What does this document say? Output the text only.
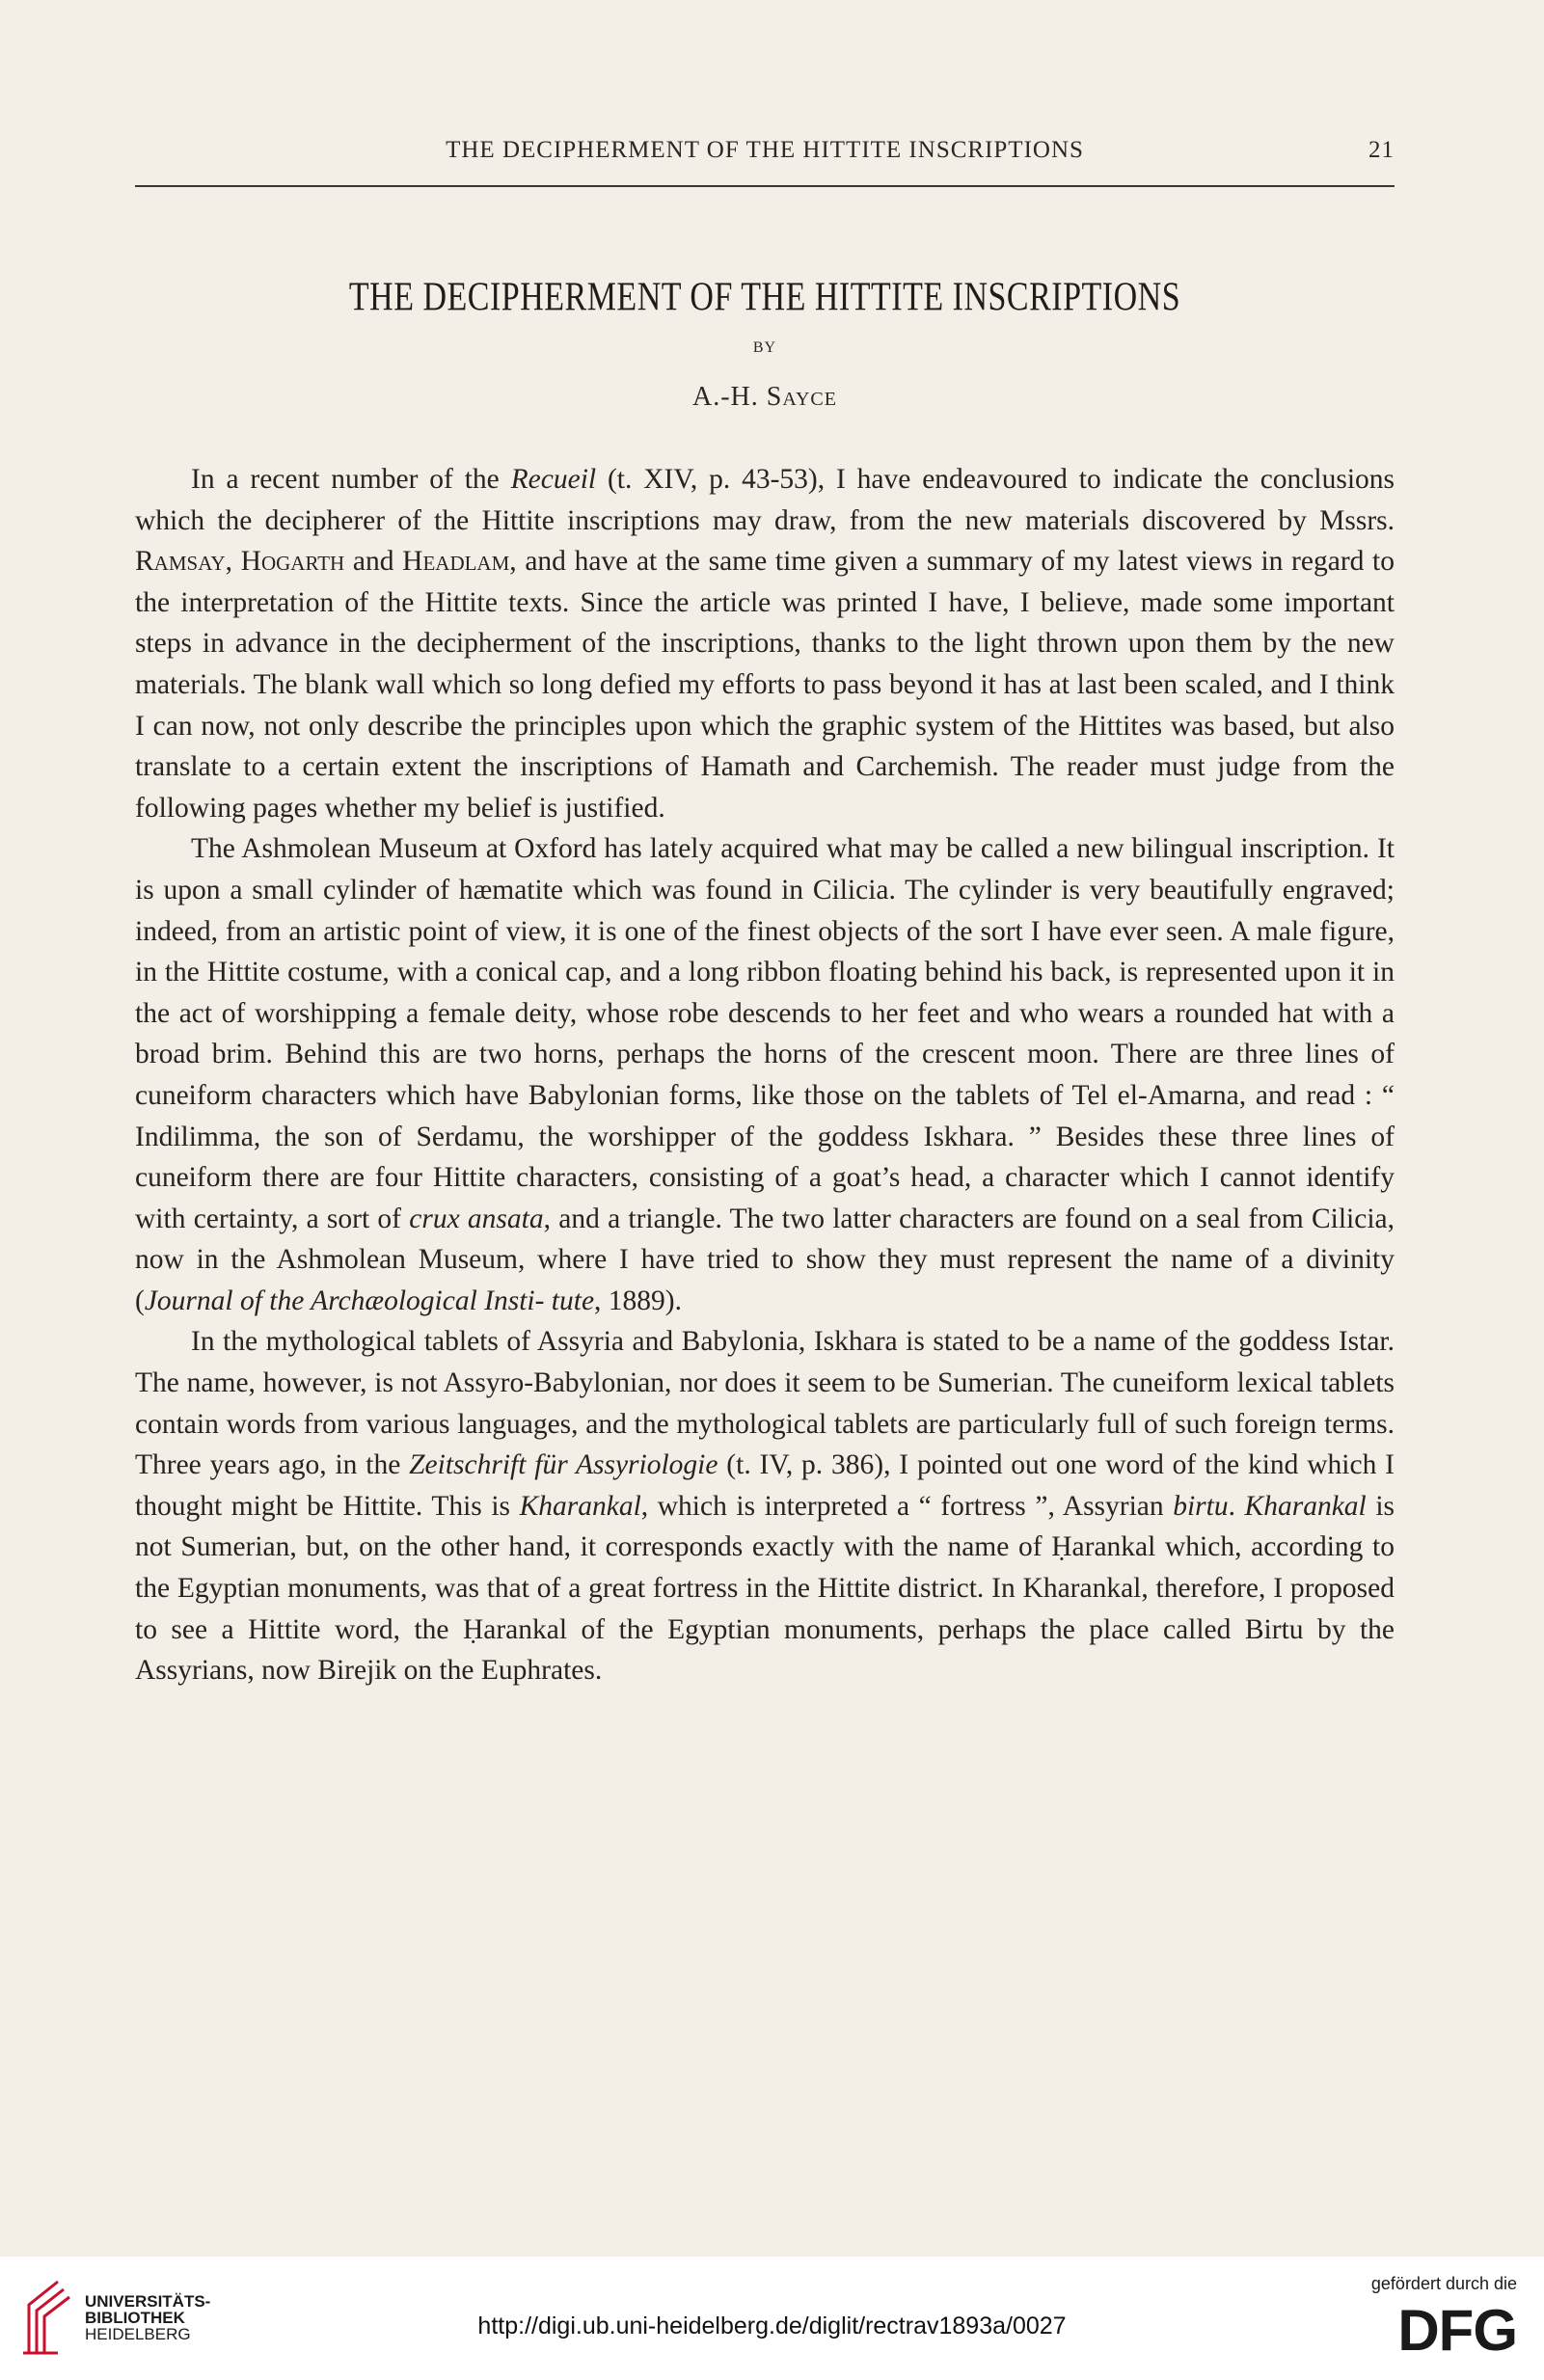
THE DECIPHERMENT OF THE HITTITE INSCRIPTIONS	21
THE DECIPHERMENT OF THE HITTITE INSCRIPTIONS
BY
A.-H. Sayce

In a recent number of the Recueil (t. XIV, p. 43-53), I have endeavoured to indicate the conclusions which the decipherer of the Hittite inscriptions may draw, from the new materials discovered by Mssrs. Ramsay, Hogarth and Headlam, and have at the same time given a summary of my latest views in regard to the interpretation of the Hittite texts. Since the article was printed I have, I believe, made some important steps in advance in the decipherment of the inscriptions, thanks to the light thrown upon them by the new materials. The blank wall which so long defied my efforts to pass beyond it has at last been scaled, and I think I can now, not only describe the principles upon which the graphic system of the Hittites was based, but also translate to a certain extent the inscriptions of Hamath and Carchemish. The reader must judge from the following pages whether my belief is justified.

The Ashmolean Museum at Oxford has lately acquired what may be called a new bilingual inscription. It is upon a small cylinder of hæmatite which was found in Cilicia. The cylinder is very beautifully engraved; indeed, from an artistic point of view, it is one of the finest objects of the sort I have ever seen. A male figure, in the Hittite costume, with a conical cap, and a long ribbon floating behind his back, is represented upon it in the act of worshipping a female deity, whose robe descends to her feet and who wears a rounded hat with a broad brim. Behind this are two horns, perhaps the horns of the crescent moon. There are three lines of cuneiform characters which have Babylonian forms, like those on the tablets of Tel el-Amarna, and read : “ Indilimma, the son of Serdamu, the worshipper of the goddess Iskhara. ” Besides these three lines of cuneiform there are four Hittite characters, consisting of a goat’s head, a character which I cannot identify with certainty, a sort of crux ansata, and a triangle. The two latter characters are found on a seal from Cilicia, now in the Ashmolean Museum, where I have tried to show they must represent the name of a divinity (Journal of the Archæological Insti- tute, 1889).

In the mythological tablets of Assyria and Babylonia, Iskhara is stated to be a name of the goddess Istar. The name, however, is not Assyro-Babylonian, nor does it seem to be Sumerian. The cuneiform lexical tablets contain words from various languages, and the mythological tablets are particularly full of such foreign terms. Three years ago, in the Zeitschrift für Assyriologie (t. IV, p. 386), I pointed out one word of the kind which I thought might be Hittite. This is Kharankal, which is interpreted a “ fortress ”, Assyrian birtu. Kharankal is not Sumerian, but, on the other hand, it corresponds exactly with the name of Ḥarankal which, according to the Egyptian monuments, was that of a great fortress in the Hittite district. In Kharankal, therefore, I proposed to see a Hittite word, the Ḥarankal of the Egyptian monuments, perhaps the place called Birtu by the Assyrians, now Birejik on the Euphrates.

UNIVERSITÄTS-
BIBLIOTHEK
HEIDELBERG	http://digi.ub.uni-heidelberg.de/diglit/rectrav1893a/0027
gefördert durch die
DFG
